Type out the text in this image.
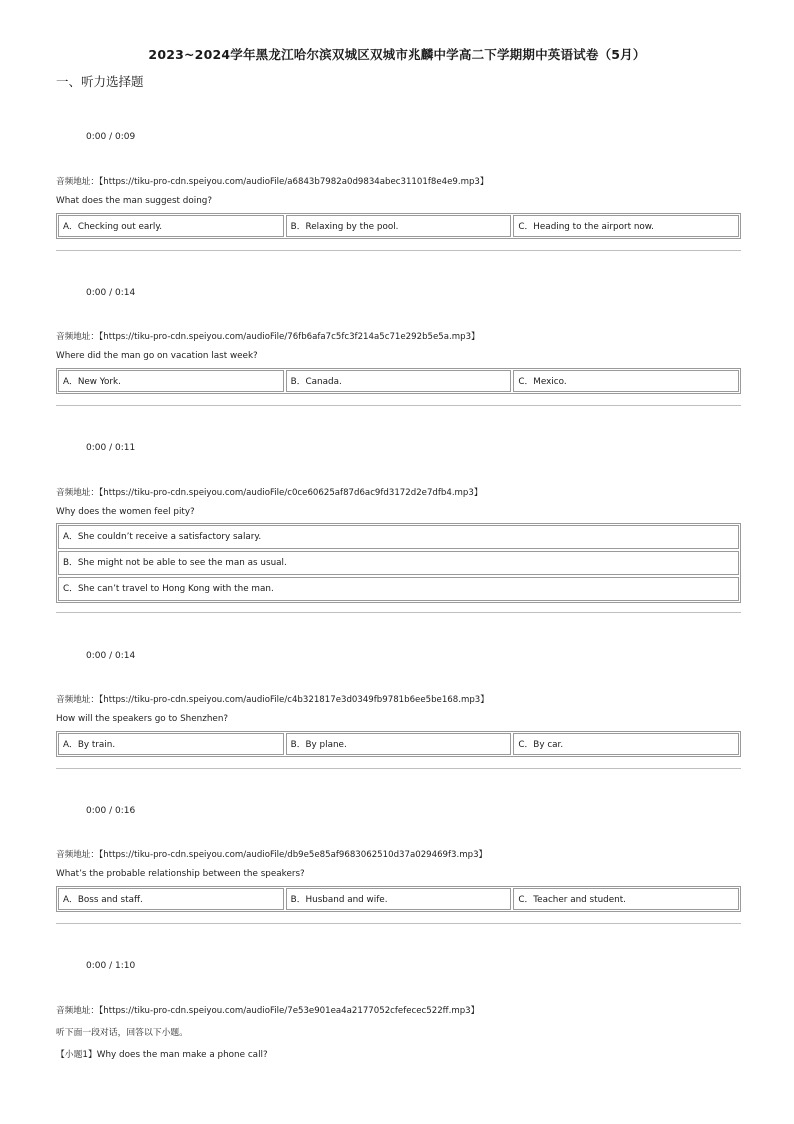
2023~2024学年黑龙江哈尔滨双城区双城市兆麟中学高二下学期期中英语试卷（5月）
一、听力选择题
0:00 / 0:09
音频地址：【https://tiku-pro-cdn.speiyou.com/audioFile/a6843b7982a0d9834abec31101f8e4e9.mp3】
What does the man suggest doing?
A．Checking out early.	B．Relaxing by the pool.	C．Heading to the airport now.
0:00 / 0:14
音频地址：【https://tiku-pro-cdn.speiyou.com/audioFile/76fb6afa7c5fc3f214a5c71e292b5e5a.mp3】
Where did the man go on vacation last week?
A．New York.	B．Canada.	C．Mexico.
0:00 / 0:11
音频地址：【https://tiku-pro-cdn.speiyou.com/audioFile/c0ce60625af87d6ac9fd3172d2e7dfb4.mp3】
Why does the women feel pity?
A．She couldn’t receive a satisfactory salary.
B．She might not be able to see the man as usual.
C．She can’t travel to Hong Kong with the man.
0:00 / 0:14
音频地址：【https://tiku-pro-cdn.speiyou.com/audioFile/c4b321817e3d0349fb9781b6ee5be168.mp3】
How will the speakers go to Shenzhen?
A．By train.	B．By plane.	C．By car.
0:00 / 0:16
音频地址：【https://tiku-pro-cdn.speiyou.com/audioFile/db9e5e85af9683062510d37a029469f3.mp3】
What’s the probable relationship between the speakers?
A．Boss and staff.	B．Husband and wife.	C．Teacher and student.
0:00 / 1:10
音频地址：【https://tiku-pro-cdn.speiyou.com/audioFile/7e53e901ea4a2177052cfefecec522ff.mp3】
听下面一段对话，回答以下小题。
【小题1】Why does the man make a phone call?
